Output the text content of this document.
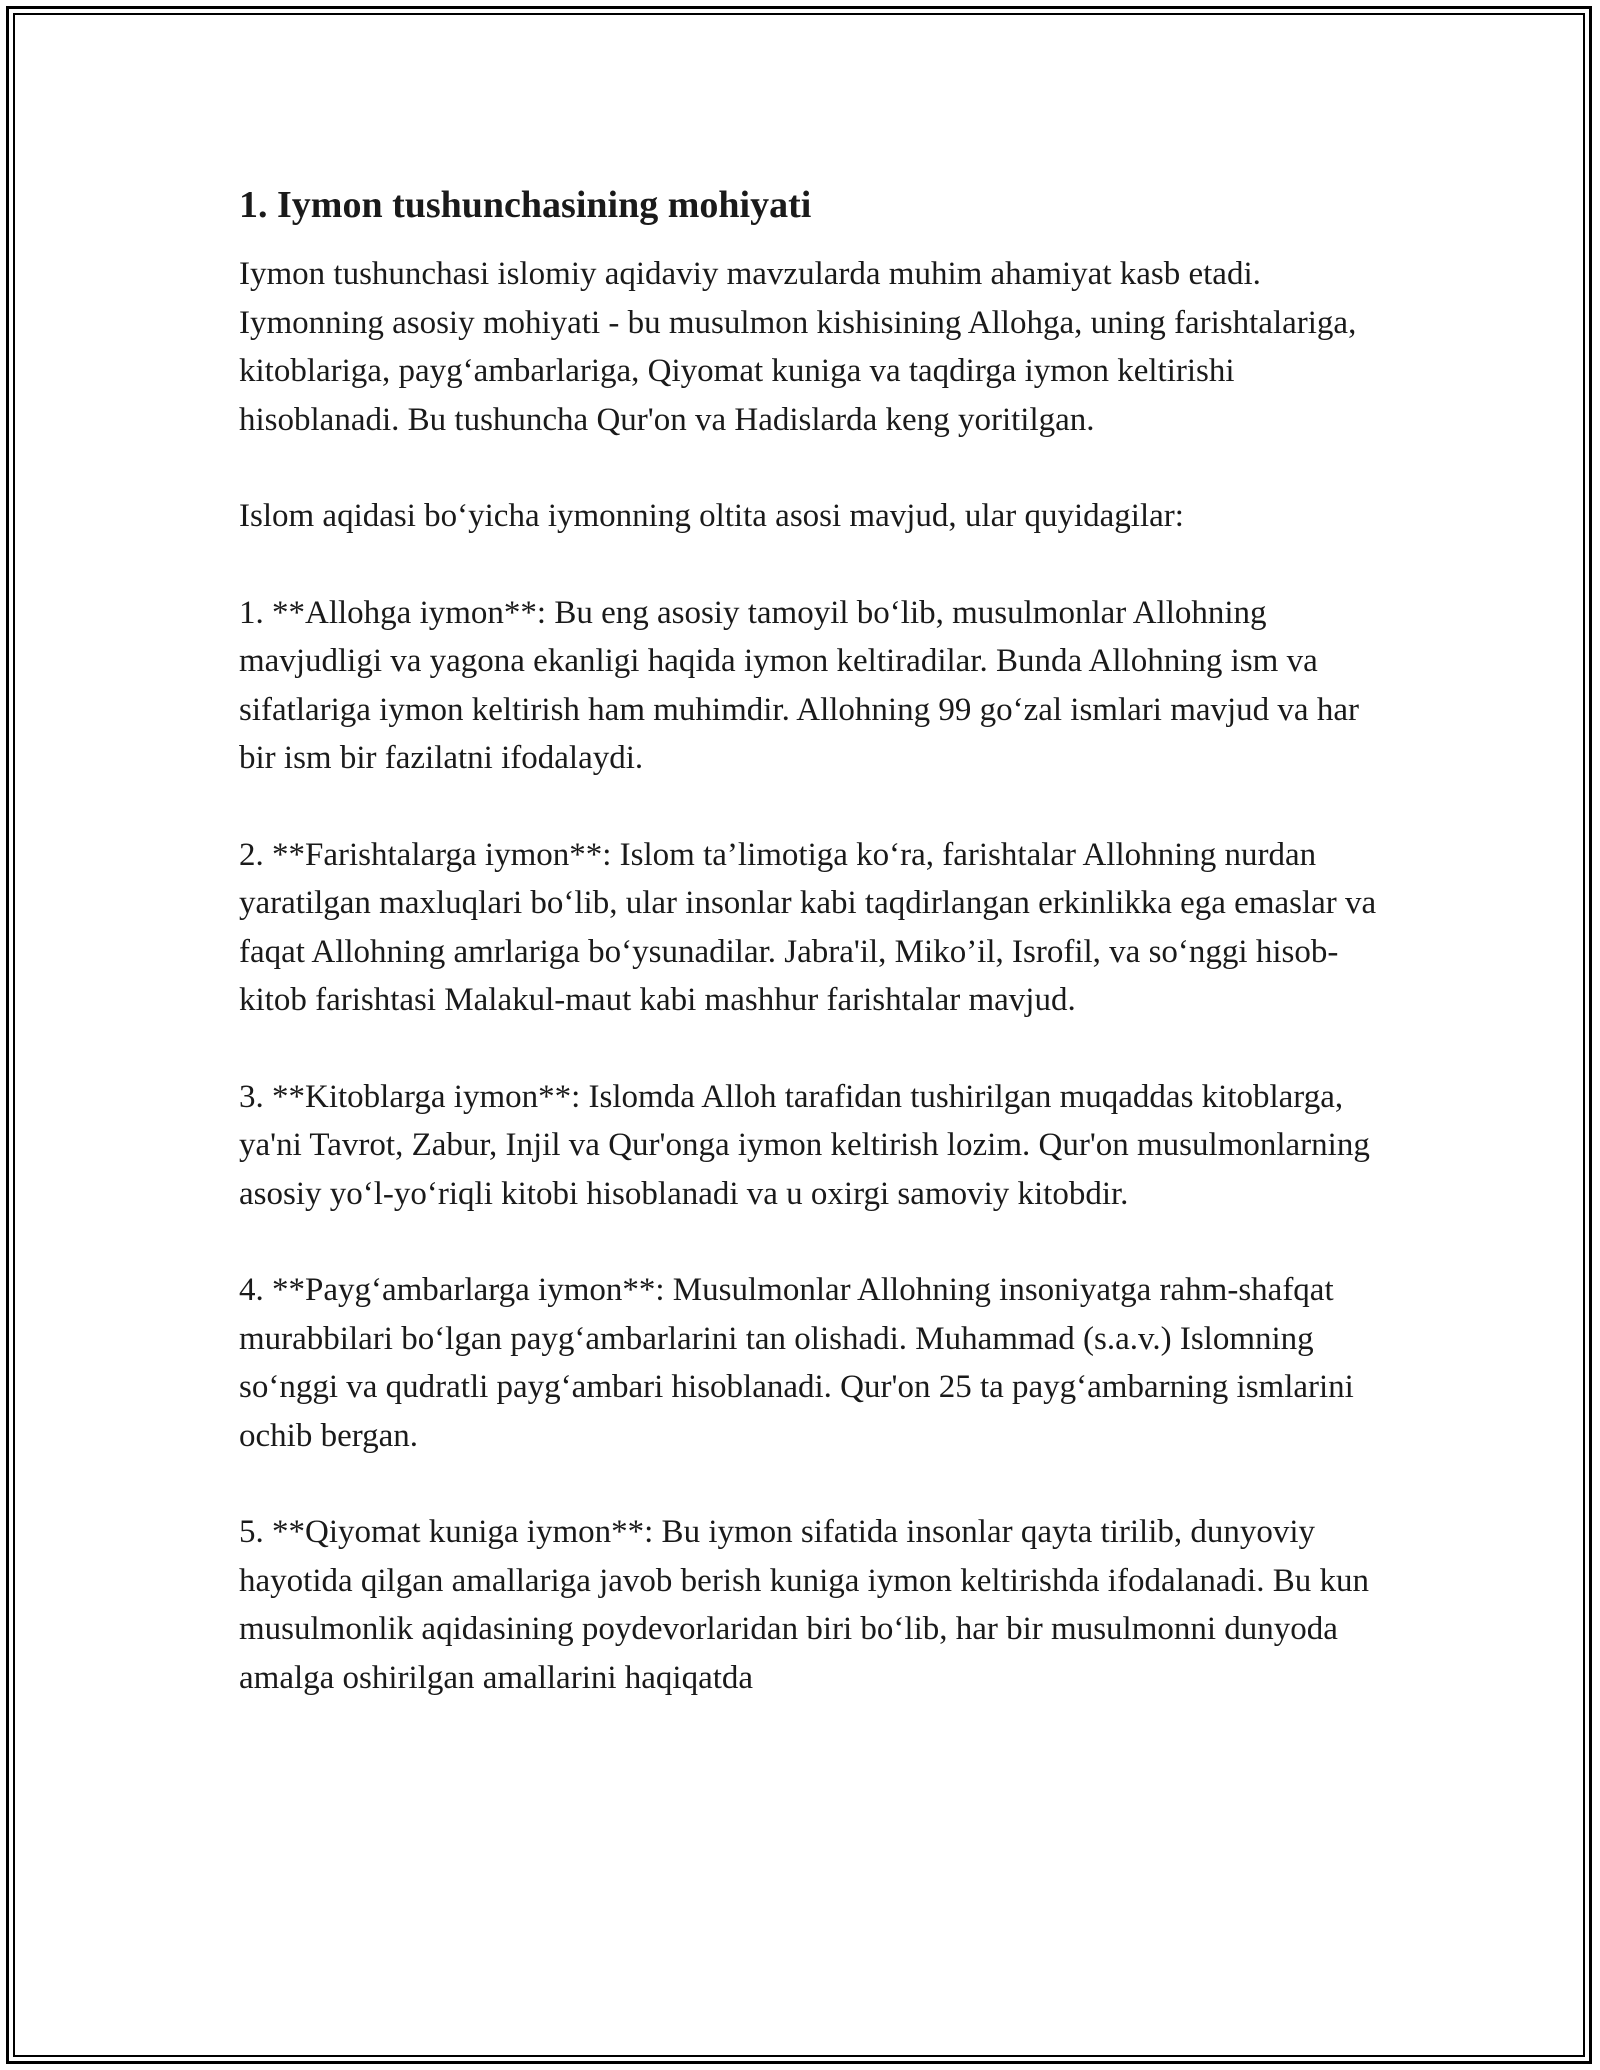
1. Iymon tushunchasining mohiyati

Iymon tushunchasi islomiy aqidaviy mavzularda muhim ahamiyat kasb etadi. Iymonning asosiy mohiyati - bu musulmon kishisining Allohga, uning farishtalariga, kitoblariga, payg‘ambarlariga, Qiyomat kuniga va taqdirga iymon keltirishi hisoblanadi. Bu tushuncha Qur'on va Hadislarda keng yoritilgan.

Islom aqidasi bo‘yicha iymonning oltita asosi mavjud, ular quyidagilar:

1. **Allohga iymon**: Bu eng asosiy tamoyil bo‘lib, musulmonlar Allohning mavjudligi va yagona ekanligi haqida iymon keltiradilar. Bunda Allohning ism va sifatlariga iymon keltirish ham muhimdir. Allohning 99 go‘zal ismlari mavjud va har bir ism bir fazilatni ifodalaydi.

2. **Farishtalarga iymon**: Islom ta’limotiga ko‘ra, farishtalar Allohning nurdan yaratilgan maxluqlari bo‘lib, ular insonlar kabi taqdirlangan erkinlikka ega emaslar va faqat Allohning amrlariga bo‘ysunadilar. Jabra'il, Miko’il, Isrofil, va so‘nggi hisob-kitob farishtasi Malakul-maut kabi mashhur farishtalar mavjud.

3. **Kitoblarga iymon**: Islomda Alloh tarafidan tushirilgan muqaddas kitoblarga, ya'ni Tavrot, Zabur, Injil va Qur'onga iymon keltirish lozim. Qur'on musulmonlarning asosiy yo‘l-yo‘riqli kitobi hisoblanadi va u oxirgi samoviy kitobdir.

4. **Payg‘ambarlarga iymon**: Musulmonlar Allohning insoniyatga rahm-shafqat murabbilari bo‘lgan payg‘ambarlarini tan olishadi. Muhammad (s.a.v.) Islomning so‘nggi va qudratli payg‘ambari hisoblanadi. Qur'on 25 ta payg‘ambarning ismlarini ochib bergan.

5. **Qiyomat kuniga iymon**: Bu iymon sifatida insonlar qayta tirilib, dunyoviy hayotida qilgan amallariga javob berish kuniga iymon keltirishda ifodalanadi. Bu kun musulmonlik aqidasining poydevorlaridan biri bo‘lib, har bir musulmonni dunyoda amalga oshirilgan amallarini haqiqatda
